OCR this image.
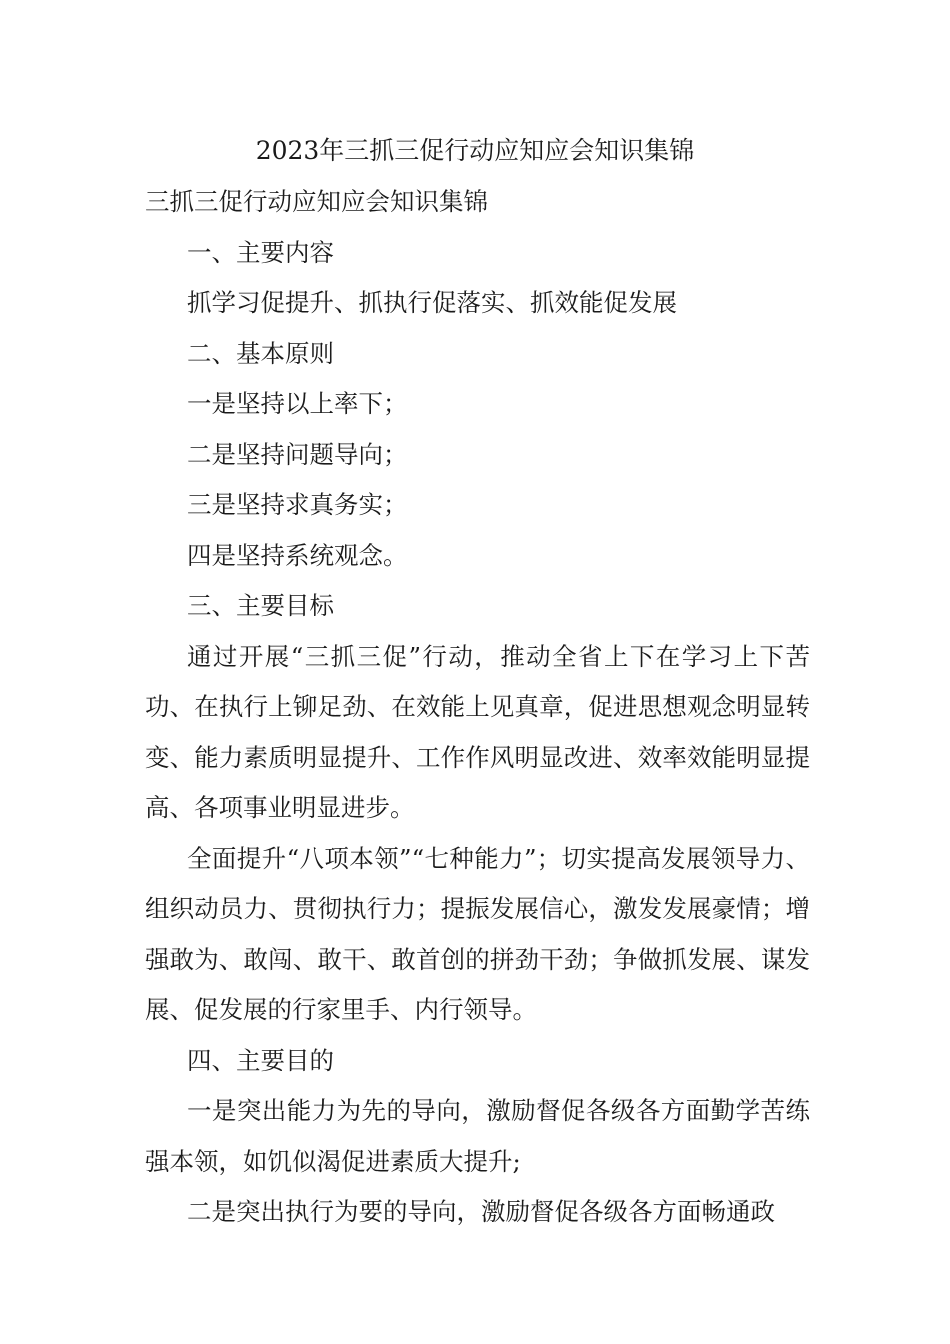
2023年三抓三促行动应知应会知识集锦
三抓三促行动应知应会知识集锦
一、主要内容
抓学习促提升、抓执行促落实、抓效能促发展
二、基本原则
一是坚持以上率下；
二是坚持问题导向；
三是坚持求真务实；
四是坚持系统观念。
三、主要目标

通过开展“三抓三促”行动，推动全省上下在学习上下苦功、在执行上铆足劲、在效能上见真章，促进思想观念明显转变、能力素质明显提升、工作作风明显改进、效率效能明显提高、各项事业明显进步。

全面提升“八项本领”“七种能力”；切实提高发展领导力、组织动员力、贯彻执行力；提振发展信心，激发发展豪情；增强敢为、敢闯、敢干、敢首创的拼劲干劲；争做抓发展、谋发展、促发展的行家里手、内行领导。

四、主要目的

一是突出能力为先的导向，激励督促各级各方面勤学苦练强本领，如饥似渴促进素质大提升;

二是突出执行为要的导向，激励督促各级各方面畅通政
